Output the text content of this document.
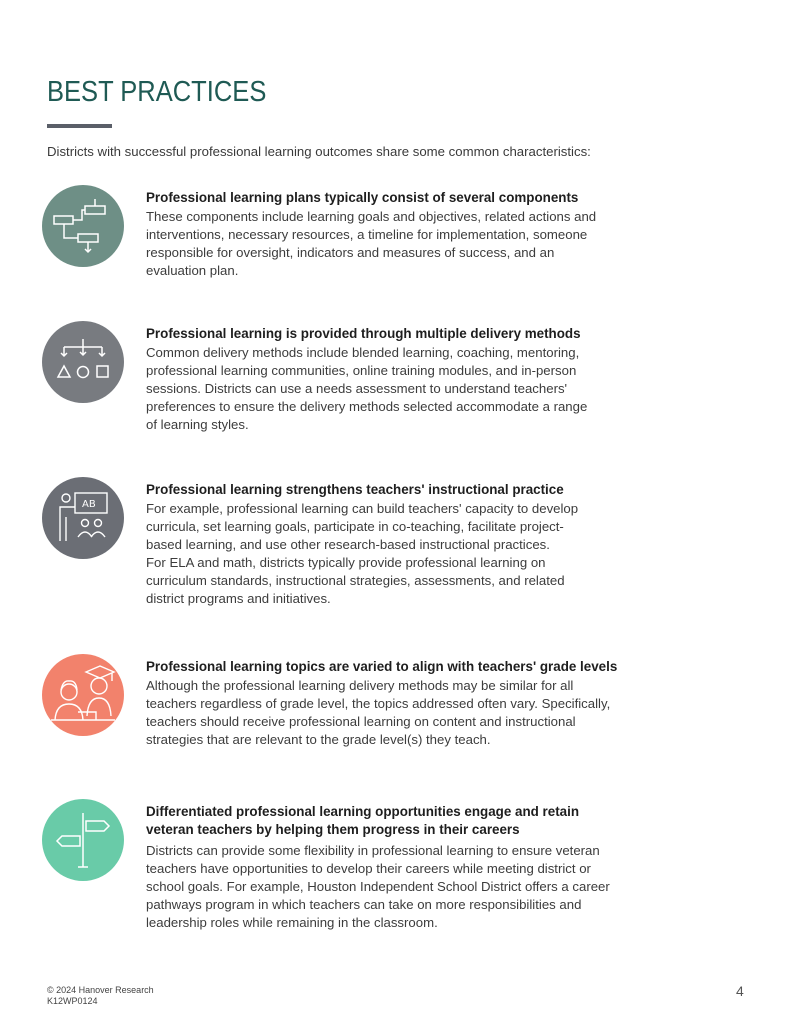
BEST PRACTICES

Districts with successful professional learning outcomes share some common characteristics:

Professional learning plans typically consist of several components

These components include learning goals and objectives, related actions and
interventions, necessary resources, a timeline for implementation, someone
responsible for oversight, indicators and measures of success, and an
evaluation plan.

Professional learning is provided through multiple delivery methods

Common delivery methods include blended learning, coaching, mentoring,
professional learning communities, online training modules, and in-person
sessions. Districts can use a needs assessment to understand teachers'
preferences to ensure the delivery methods selected accommodate a range
of learning styles.

AB

Professional learning strengthens teachers' instructional practice

For example, professional learning can build teachers' capacity to develop
curricula, set learning goals, participate in co-teaching, facilitate project-
based learning, and use other research-based instructional practices.
For ELA and math, districts typically provide professional learning on
curriculum standards, instructional strategies, assessments, and related
district programs and initiatives.

Professional learning topics are varied to align with teachers' grade levels

Although the professional learning delivery methods may be similar for all
teachers regardless of grade level, the topics addressed often vary. Specifically,
teachers should receive professional learning on content and instructional
strategies that are relevant to the grade level(s) they teach.

Differentiated professional learning opportunities engage and retain
veteran teachers by helping them progress in their careers

Districts can provide some flexibility in professional learning to ensure veteran
teachers have opportunities to develop their careers while meeting district or
school goals. For example, Houston Independent School District offers a career
pathways program in which teachers can take on more responsibilities and
leadership roles while remaining in the classroom.

© 2024 Hanover Research
K12WP0124
4
